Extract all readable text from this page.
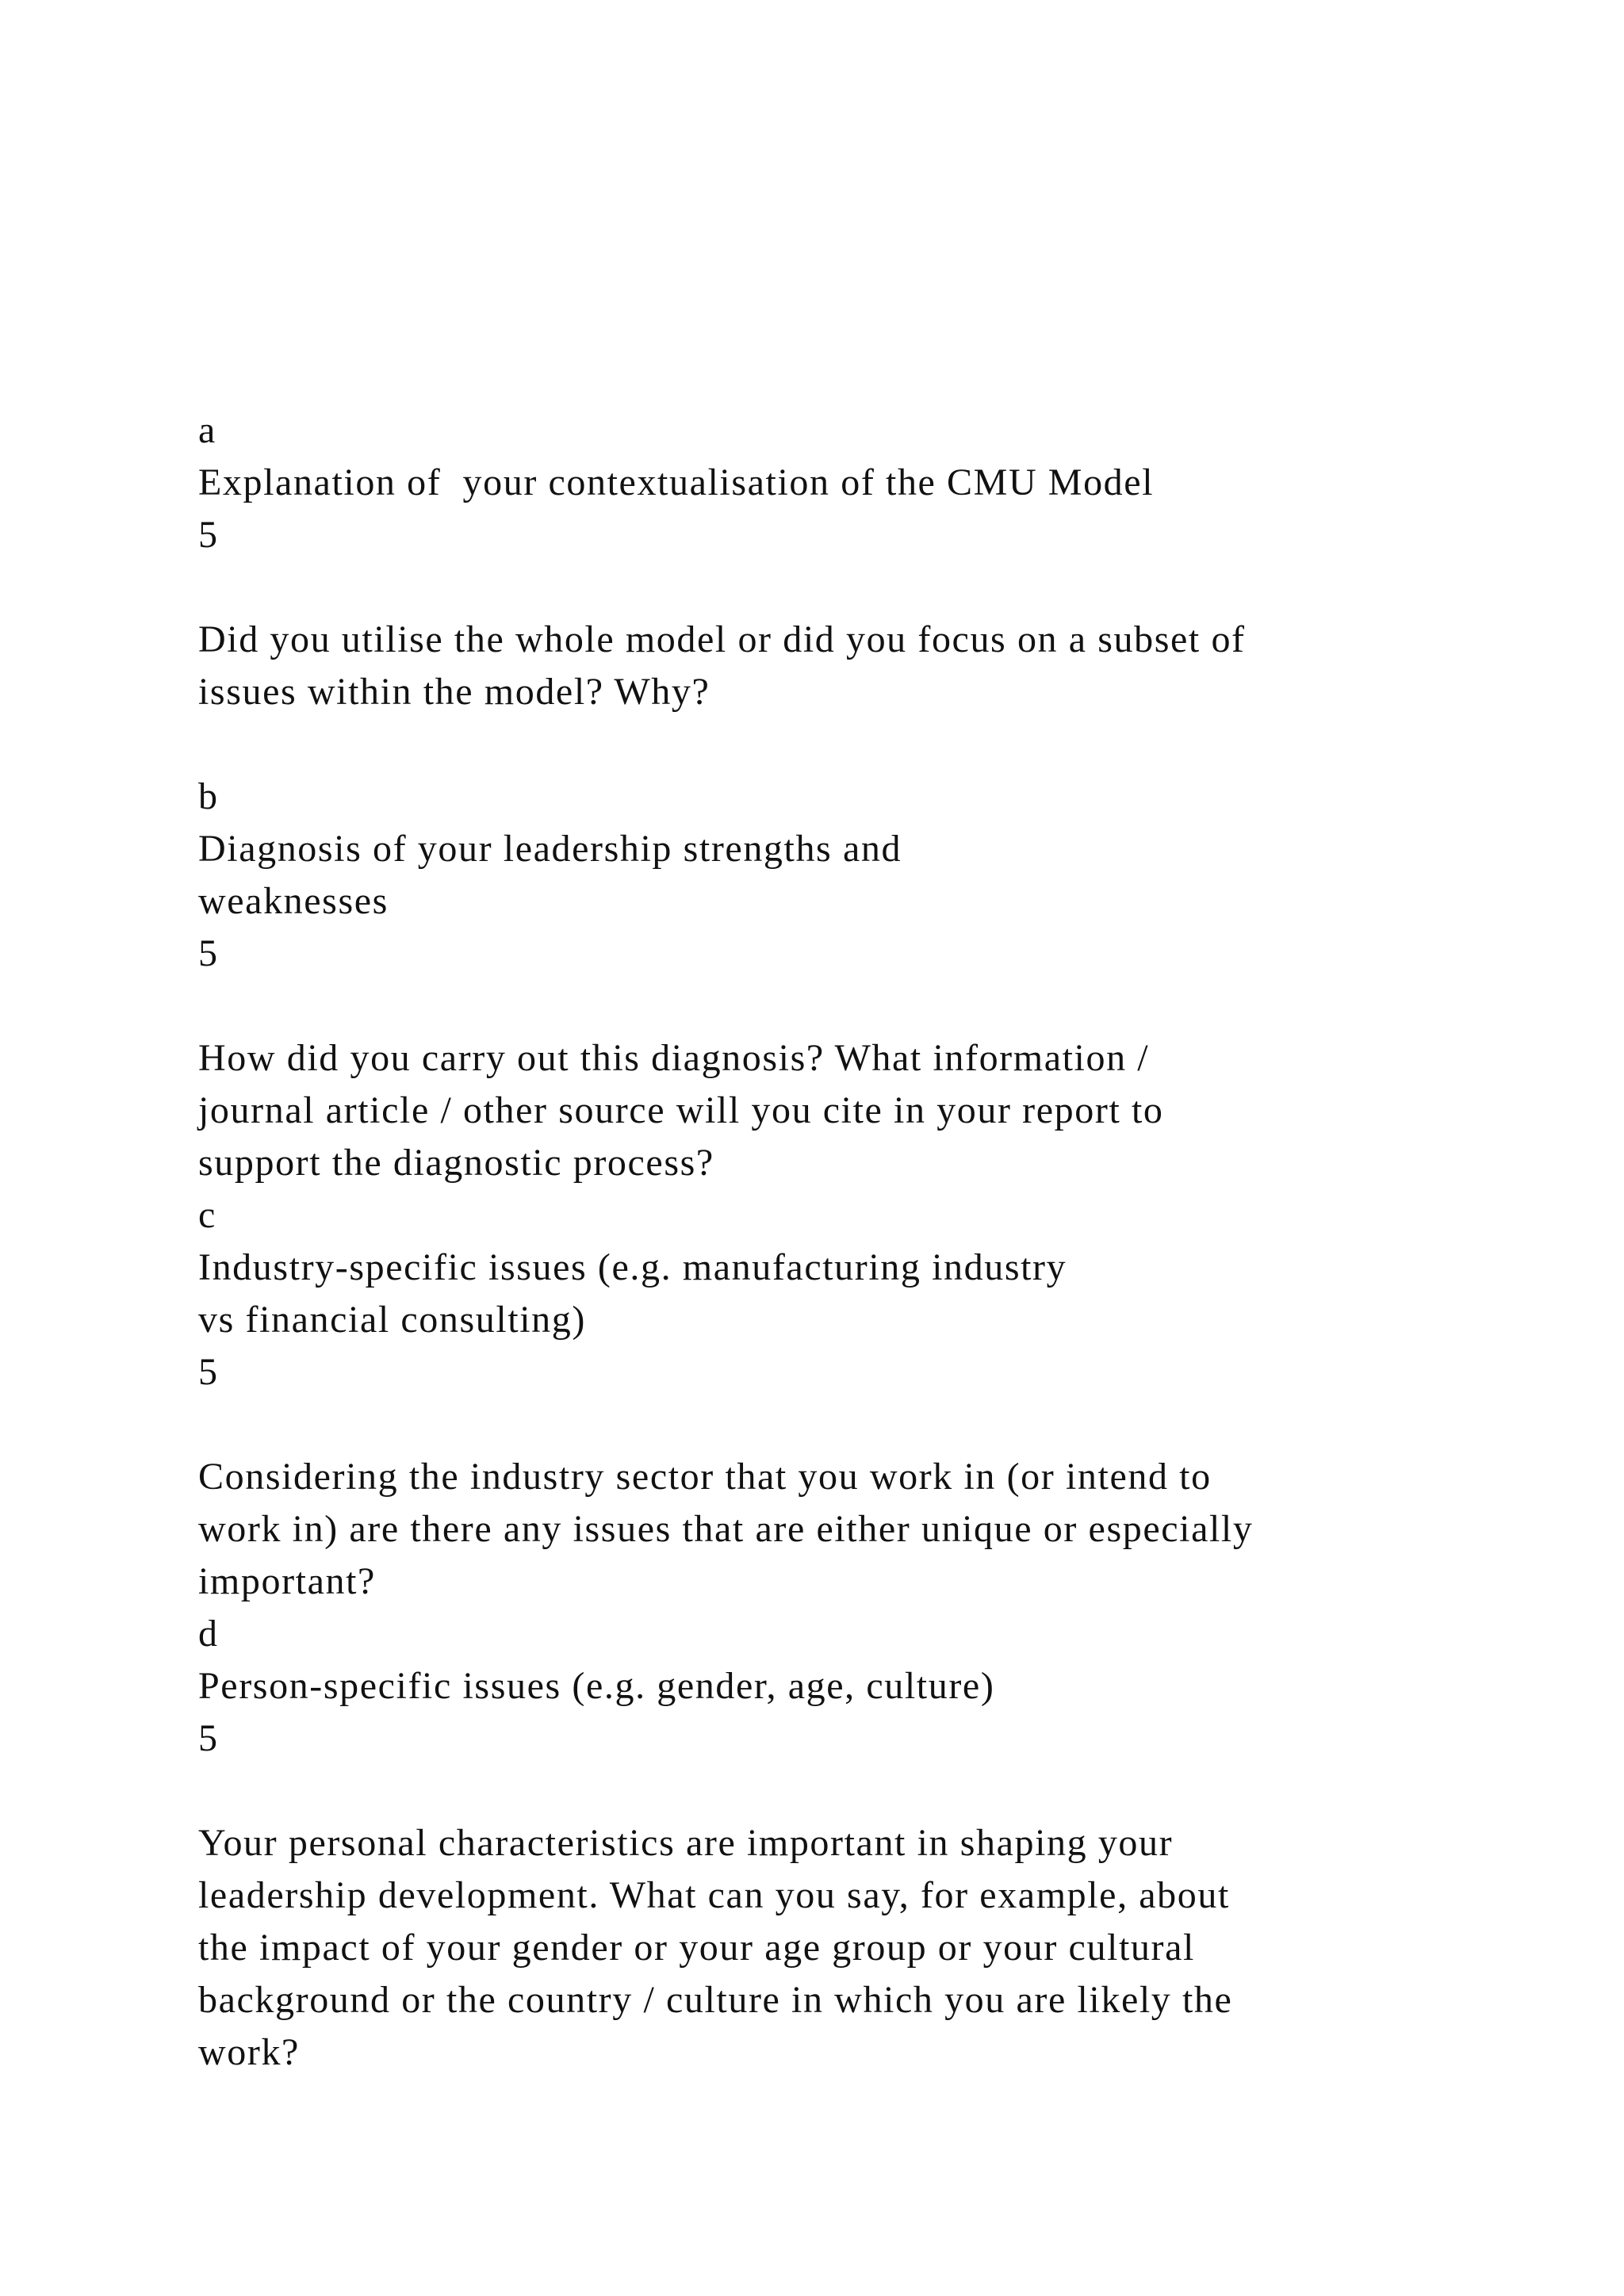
a
Explanation of  your contextualisation of the CMU Model
5
Did you utilise the whole model or did you focus on a subset of
issues within the model? Why?
b
Diagnosis of your leadership strengths and
weaknesses
5
How did you carry out this diagnosis? What information /
journal article / other source will you cite in your report to
support the diagnostic process?
c
Industry-specific issues (e.g. manufacturing industry
vs financial consulting)
5
Considering the industry sector that you work in (or intend to
work in) are there any issues that are either unique or especially
important?
d
Person-specific issues (e.g. gender, age, culture)
5
Your personal characteristics are important in shaping your
leadership development. What can you say, for example, about
the impact of your gender or your age group or your cultural
background or the country / culture in which you are likely the
work?
